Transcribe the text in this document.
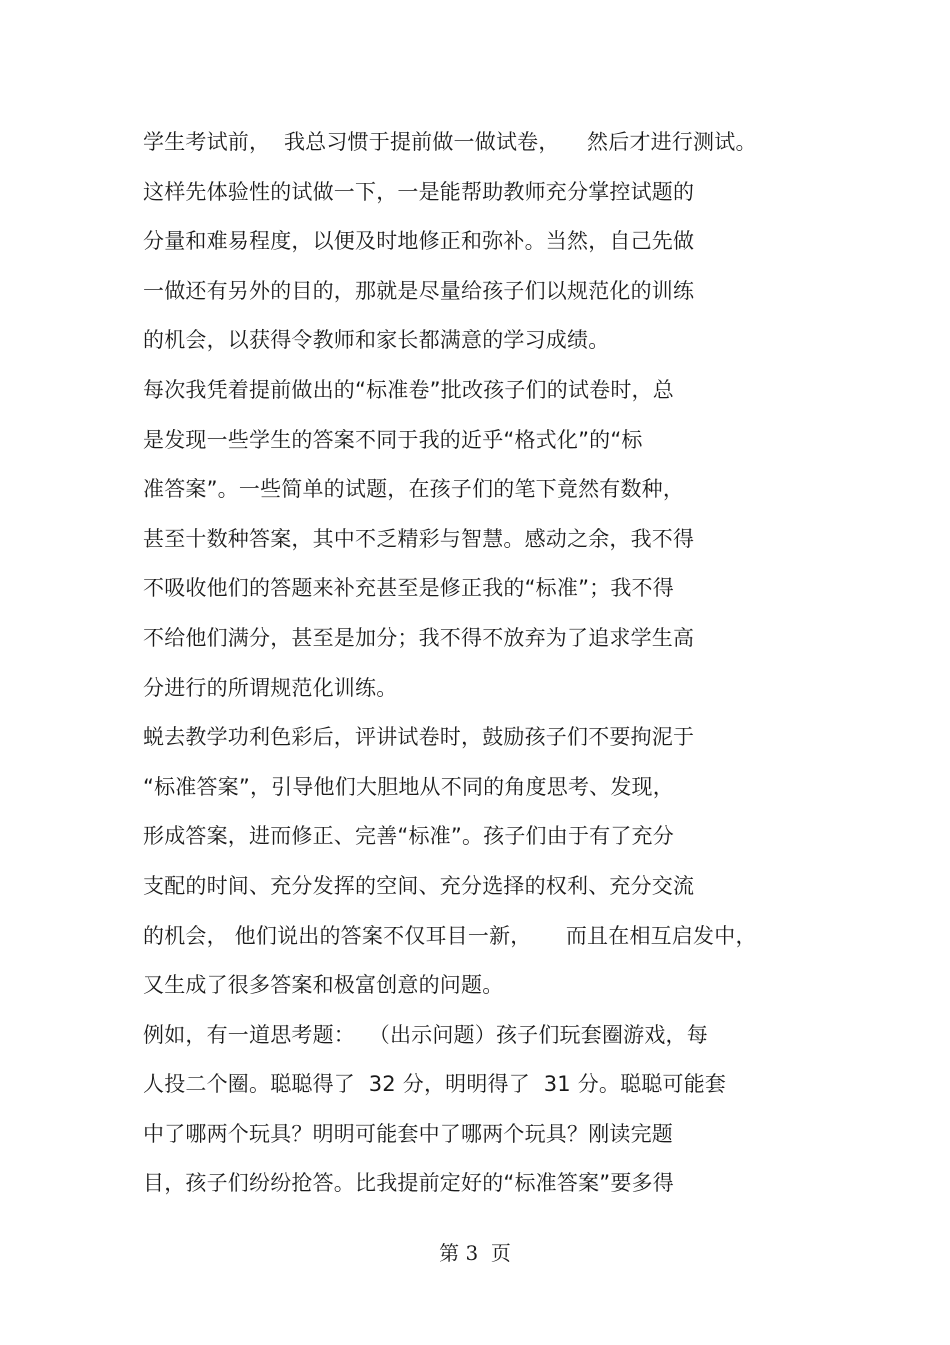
学生考试前，  我总习惯于提前做一做试卷，    然后才进行测试。
这样先体验性的试做一下，一是能帮助教师充分掌控试题的
分量和难易程度，以便及时地修正和弥补。当然，自己先做
一做还有另外的目的，那就是尽量给孩子们以规范化的训练
的机会，以获得令教师和家长都满意的学习成绩。
每次我凭着提前做出的“标准卷”批改孩子们的试卷时，总
是发现一些学生的答案不同于我的近乎“格式化”的“标
准答案”。一些简单的试题，在孩子们的笔下竟然有数种，
甚至十数种答案，其中不乏精彩与智慧。感动之余，我不得
不吸收他们的答题来补充甚至是修正我的“标准”；我不得
不给他们满分，甚至是加分；我不得不放弃为了追求学生高
分进行的所谓规范化训练。
蜕去教学功利色彩后，评讲试卷时，鼓励孩子们不要拘泥于
“标准答案”，引导他们大胆地从不同的角度思考、发现，
形成答案，进而修正、完善“标准”。孩子们由于有了充分
支配的时间、充分发挥的空间、充分选择的权利、充分交流
的机会， 他们说出的答案不仅耳目一新，     而且在相互启发中，
又生成了很多答案和极富创意的问题。
例如，有一道思考题：  （出示问题）孩子们玩套圈游戏，每
人投二个圈。聪聪得了  32 分，明明得了  31 分。聪聪可能套
中了哪两个玩具？明明可能套中了哪两个玩具？刚读完题
目，孩子们纷纷抢答。比我提前定好的“标准答案”要多得
第 3  页
